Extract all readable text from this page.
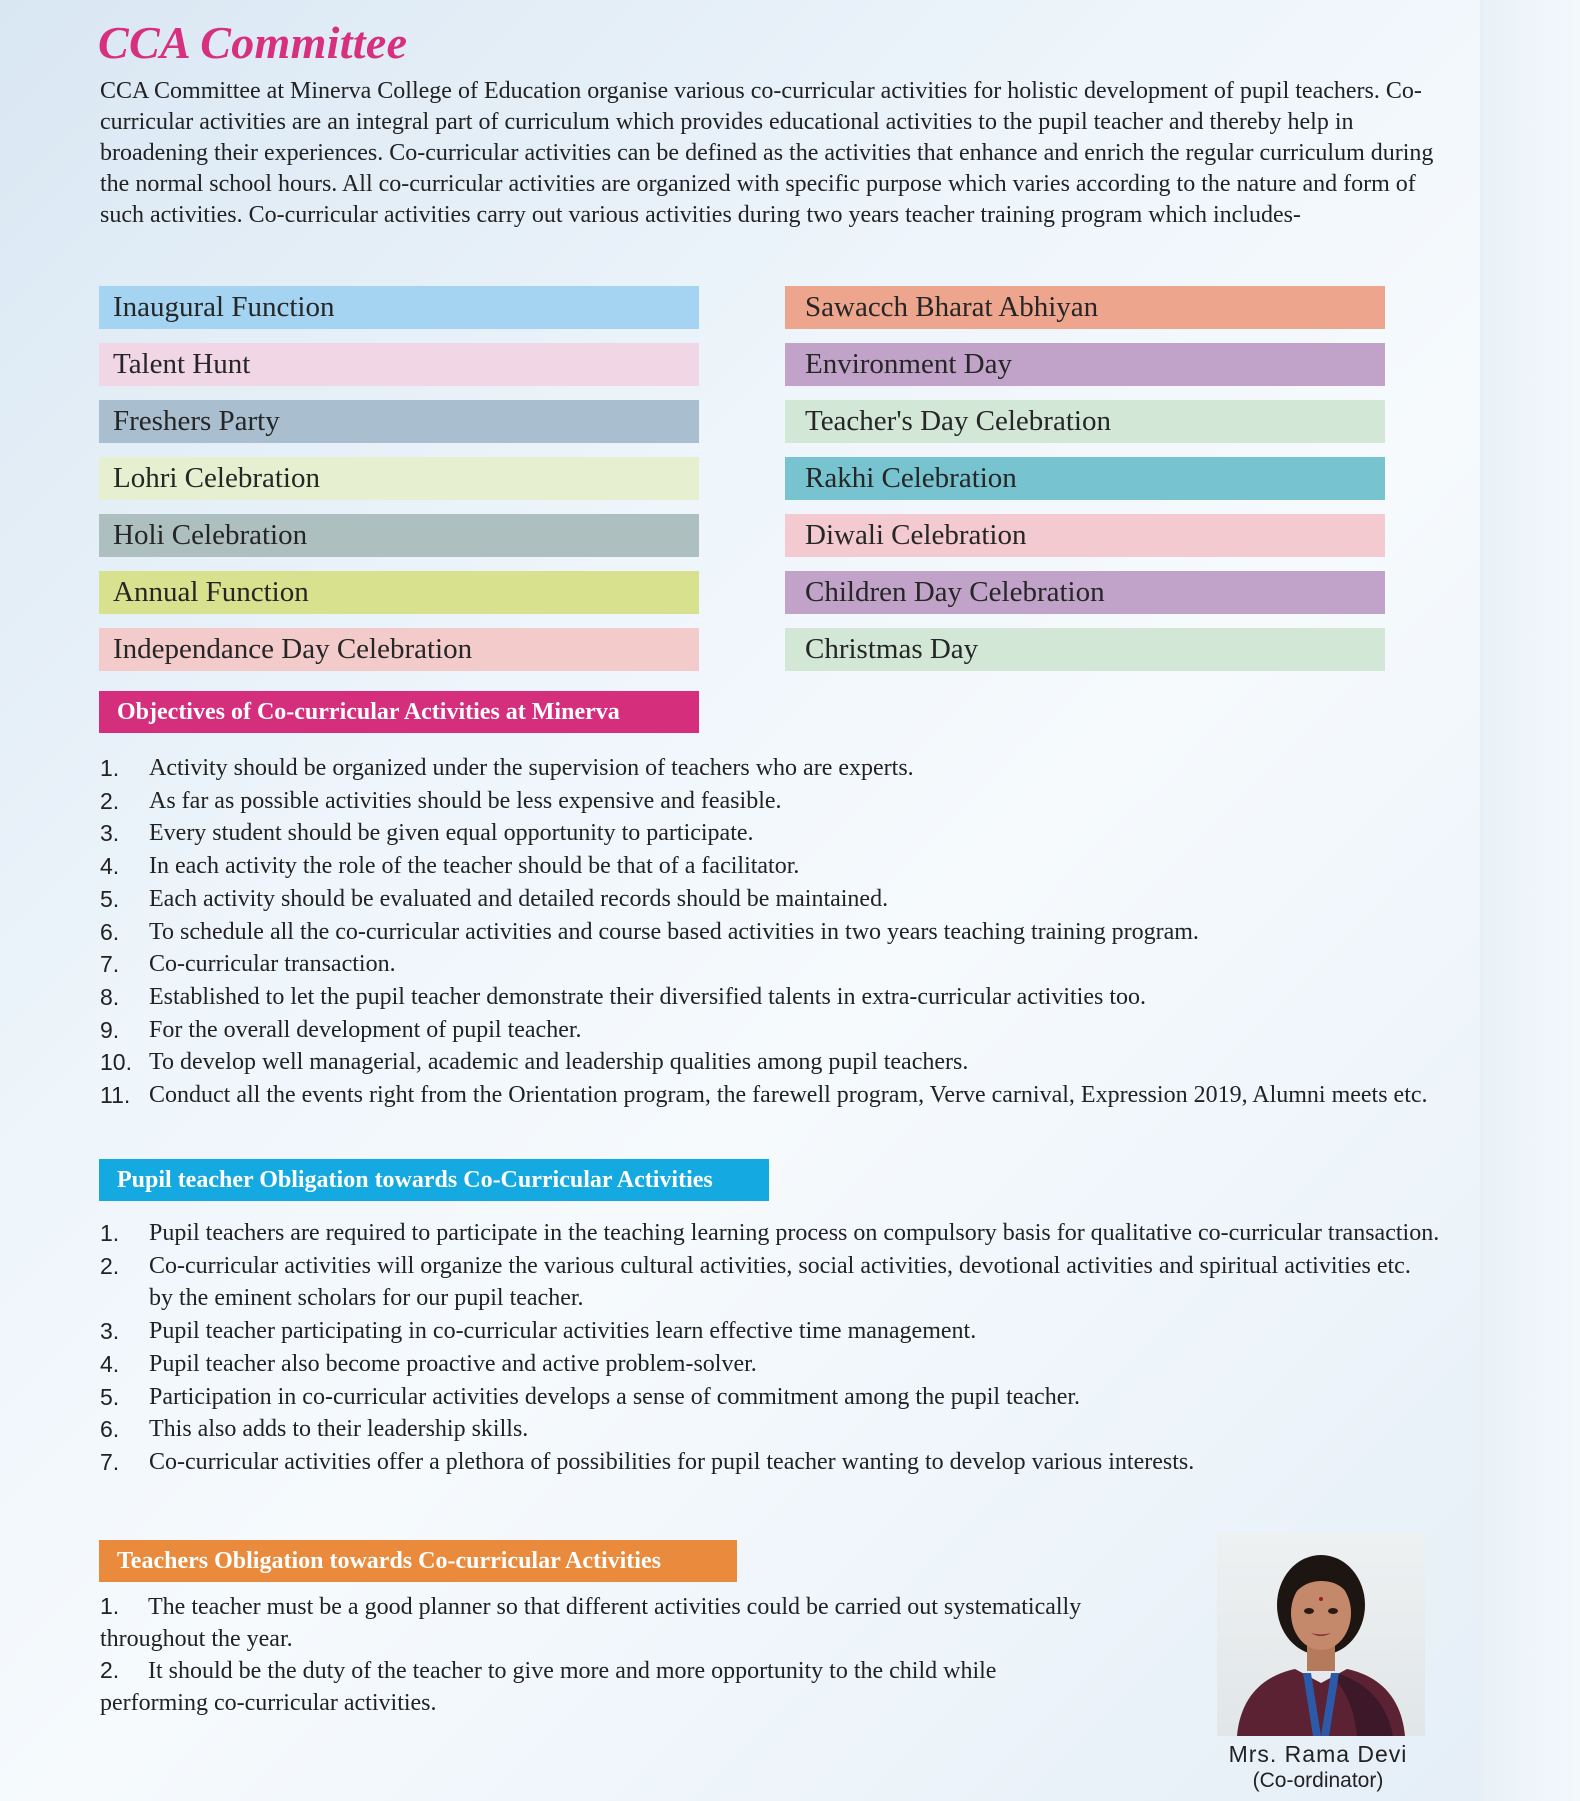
CCA Committee

CCA Committee at Minerva College of Education organise various co-curricular activities for holistic development of pupil teachers. Co-curricular activities are an integral part of curriculum which provides educational activities to the pupil teacher and thereby help in broadening their experiences. Co-curricular activities can be defined as the activities that enhance and enrich the regular curriculum during the normal school hours. All co-curricular activities are organized with specific purpose which varies according to the nature and form of such activities. Co-curricular activities carry out various activities during two years teacher training program which includes-

Inaugural Function
Talent Hunt
Freshers Party
Lohri Celebration
Holi Celebration
Annual Function
Independance Day Celebration
Sawacch Bharat Abhiyan
Environment Day
Teacher's Day Celebration
Rakhi Celebration
Diwali Celebration
Children Day Celebration
Christmas Day
Objectives of Co-curricular Activities at Minerva
1. Activity should be organized under the supervision of teachers who are experts.
2. As far as possible activities should be less expensive and feasible.
3. Every student should be given equal opportunity to participate.
4. In each activity the role of the teacher should be that of a facilitator.
5. Each activity should be evaluated and detailed records should be maintained.
6. To schedule all the co-curricular activities and course based activities in two years teaching training program.
7. Co-curricular transaction.
8. Established to let the pupil teacher demonstrate their diversified talents in extra-curricular activities too.
9. For the overall development of pupil teacher.
10. To develop well managerial, academic and leadership qualities among pupil teachers.
11. Conduct all the events right from the Orientation program, the farewell program, Verve carnival, Expression 2019, Alumni meets etc.
Pupil teacher Obligation towards Co-Curricular Activities
1. Pupil teachers are required to participate in the teaching learning process on compulsory basis for qualitative co-curricular transaction.
2. Co-curricular activities will organize the various cultural activities, social activities, devotional activities and spiritual activities etc. by the eminent scholars for our pupil teacher.
3. Pupil teacher participating in co-curricular activities learn effective time management.
4. Pupil teacher also become proactive and active problem-solver.
5. Participation in co-curricular activities develops a sense of commitment among the pupil teacher.
6. This also adds to their leadership skills.
7. Co-curricular activities offer a plethora of possibilities for pupil teacher wanting to develop various interests.
Teachers Obligation towards Co-curricular Activities
1. The teacher must be a good planner so that different activities could be carried out systematically throughout the year.
2. It should be the duty of the teacher to give more and more opportunity to the child while performing co-curricular activities.
Mrs. Rama Devi
(Co-ordinator)
